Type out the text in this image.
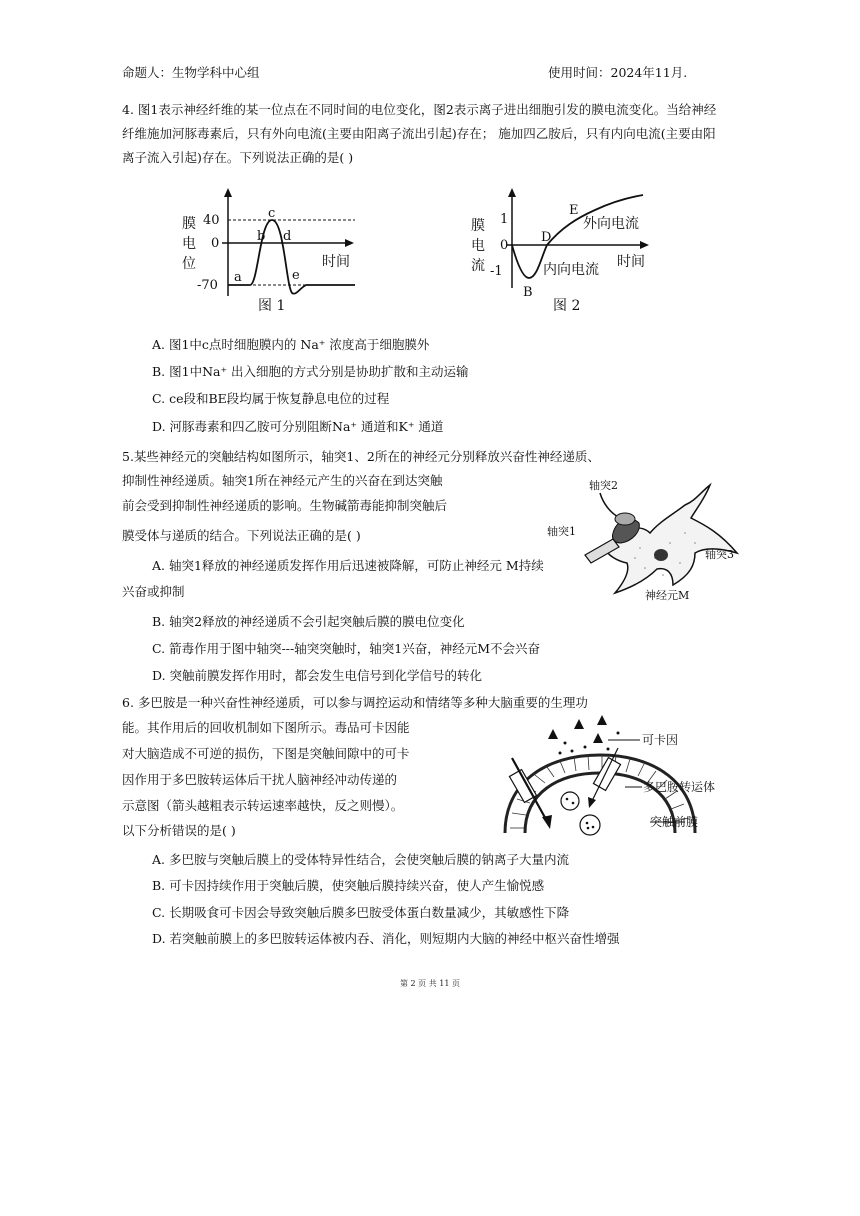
命题人：生物学科中心组	使用时间：2024年11月.
4. 图1表示神经纤维的某一位点在不同时间的电位变化，图2表示离子进出细胞引发的膜电流变化。当给神经
纤维施加河豚毒素后，只有外向电流(主要由阳离子流出引起)存在； 施加四乙胺后，只有内向电流(主要由阳
离子流入引起)存在。下列说法正确的是( )
膜
电
位
40
0
-70
a
b
c
d
e
时间
图 1
膜
电
流
1
0
-1
B
D
E
外向电流
内向电流 时间
图 2
A. 图1中c点时细胞膜内的 Na⁺ 浓度高于细胞膜外
B. 图1中Na⁺ 出入细胞的方式分别是协助扩散和主动运输
C. ce段和BE段均属于恢复静息电位的过程
D. 河豚毒素和四乙胺可分别阻断Na⁺ 通道和K⁺ 通道
5.某些神经元的突触结构如图所示，轴突1、2所在的神经元分别释放兴奋性神经递质、
抑制性神经递质。轴突1所在神经元产生的兴奋在到达突触
前会受到抑制性神经递质的影响。生物碱箭毒能抑制突触后
膜受体与递质的结合。下列说法正确的是( )
轴突2
轴突1
轴突3
神经元M
A. 轴突1释放的神经递质发挥作用后迅速被降解，可防止神经元 M持续
兴奋或抑制
B. 轴突2释放的神经递质不会引起突触后膜的膜电位变化
C. 箭毒作用于图中轴突---轴突突触时，轴突1兴奋，神经元M不会兴奋
D. 突触前膜发挥作用时，都会发生电信号到化学信号的转化
6. 多巴胺是一种兴奋性神经递质，可以参与调控运动和情绪等多种大脑重要的生理功
能。其作用后的回收机制如下图所示。毒品可卡因能
对大脑造成不可逆的损伤，下图是突触间隙中的可卡
因作用于多巴胺转运体后干扰人脑神经冲动传递的
示意图（箭头越粗表示转运速率越快，反之则慢）。
以下分析错误的是( )
可卡因
多巴胺转运体
突触前膜
A. 多巴胺与突触后膜上的受体特异性结合，会使突触后膜的钠离子大量内流
B. 可卡因持续作用于突触后膜，使突触后膜持续兴奋，使人产生愉悦感
C. 长期吸食可卡因会导致突触后膜多巴胺受体蛋白数量减少，其敏感性下降
D. 若突触前膜上的多巴胺转运体被内吞、消化，则短期内大脑的神经中枢兴奋性增强
第 2 页 共 11 页
